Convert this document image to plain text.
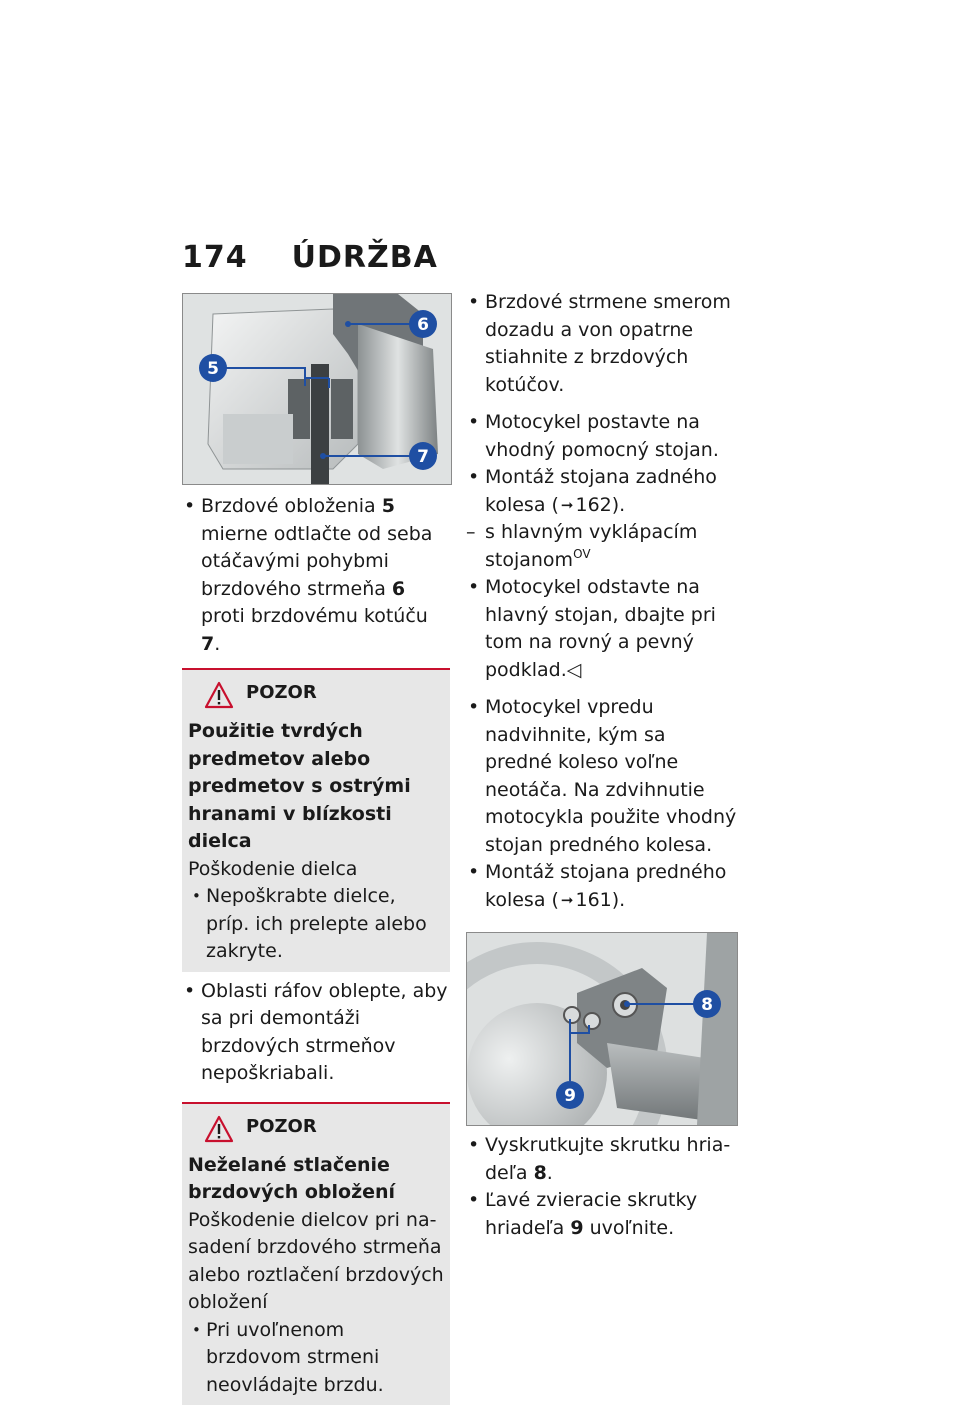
174 ÚDRŽBA
5
6
7
• Brzdové obloženia 5 mierne odtlačte od seba otáčavými pohybmi brzdového strmeňa 6 proti brzdovému kotúču 7.
POZOR
Použitie tvrdých predmetov alebo predmetov s ostrými hranami v blízkosti dielca
Poškodenie dielca
• Nepoškrabte dielce, príp. ich prelepte alebo zakryte.
• Oblasti ráfov oblepte, aby sa pri demontáži brzdových strmeňov nepoškriabali.
POZOR
Neželané stlačenie brzdových obložení
Poškodenie dielcov pri nasadení brzdového strmeňa alebo roztlačení brzdových obložení
• Pri uvoľnenom brzdovom strmeni neovládajte brzdu.
• Brzdové strmene smerom dozadu a von opatrne stiahnite z brzdových kotúčov.
• Motocykel postavte na vhodný pomocný stojan.
• Montáž stojana zadného kolesa ( ➞ 162).
– s hlavným vyklápacím stojanom$^{OV}$
• Motocykel odstavte na hlavný stojan, dbajte pri tom na rovný a pevný podklad.◁
• Motocykel vpredu nadvihnite, kým sa predné koleso voľne neotáča. Na zdvihnutie motocykla použite vhodný stojan predného kolesa.
• Montáž stojana predného kolesa ( ➞ 161).
8
9
• Vyskrutkujte skrutku hriadeľa 8.
• Ľavé zvieracie skrutky hriadeľa 9 uvoľnite.
